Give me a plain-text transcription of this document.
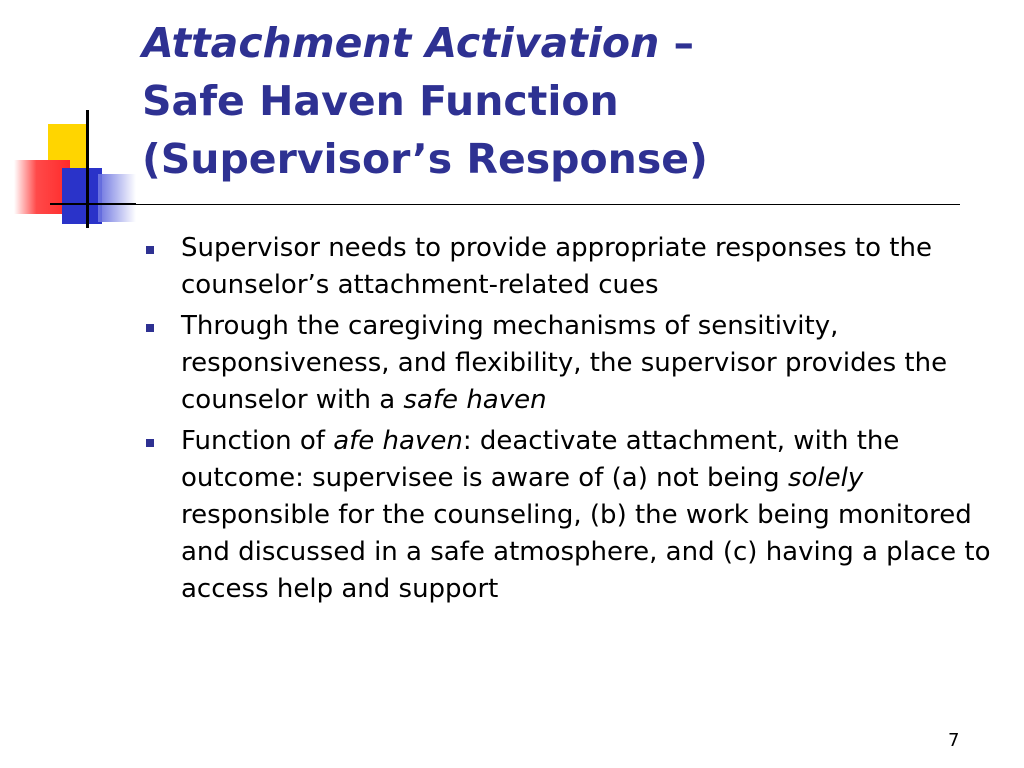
Attachment Activation –
Safe Haven Function
(Supervisor’s Response)
Supervisor needs to provide appropriate responses to the counselor’s attachment-related cues
Through the caregiving mechanisms of sensitivity, responsiveness, and flexibility, the supervisor provides the counselor with a safe haven
Function of afe haven: deactivate attachment, with the outcome: supervisee is aware of (a) not being solely responsible for the counseling, (b) the work being monitored and discussed in a safe atmosphere, and (c) having a place to access help and support
7
